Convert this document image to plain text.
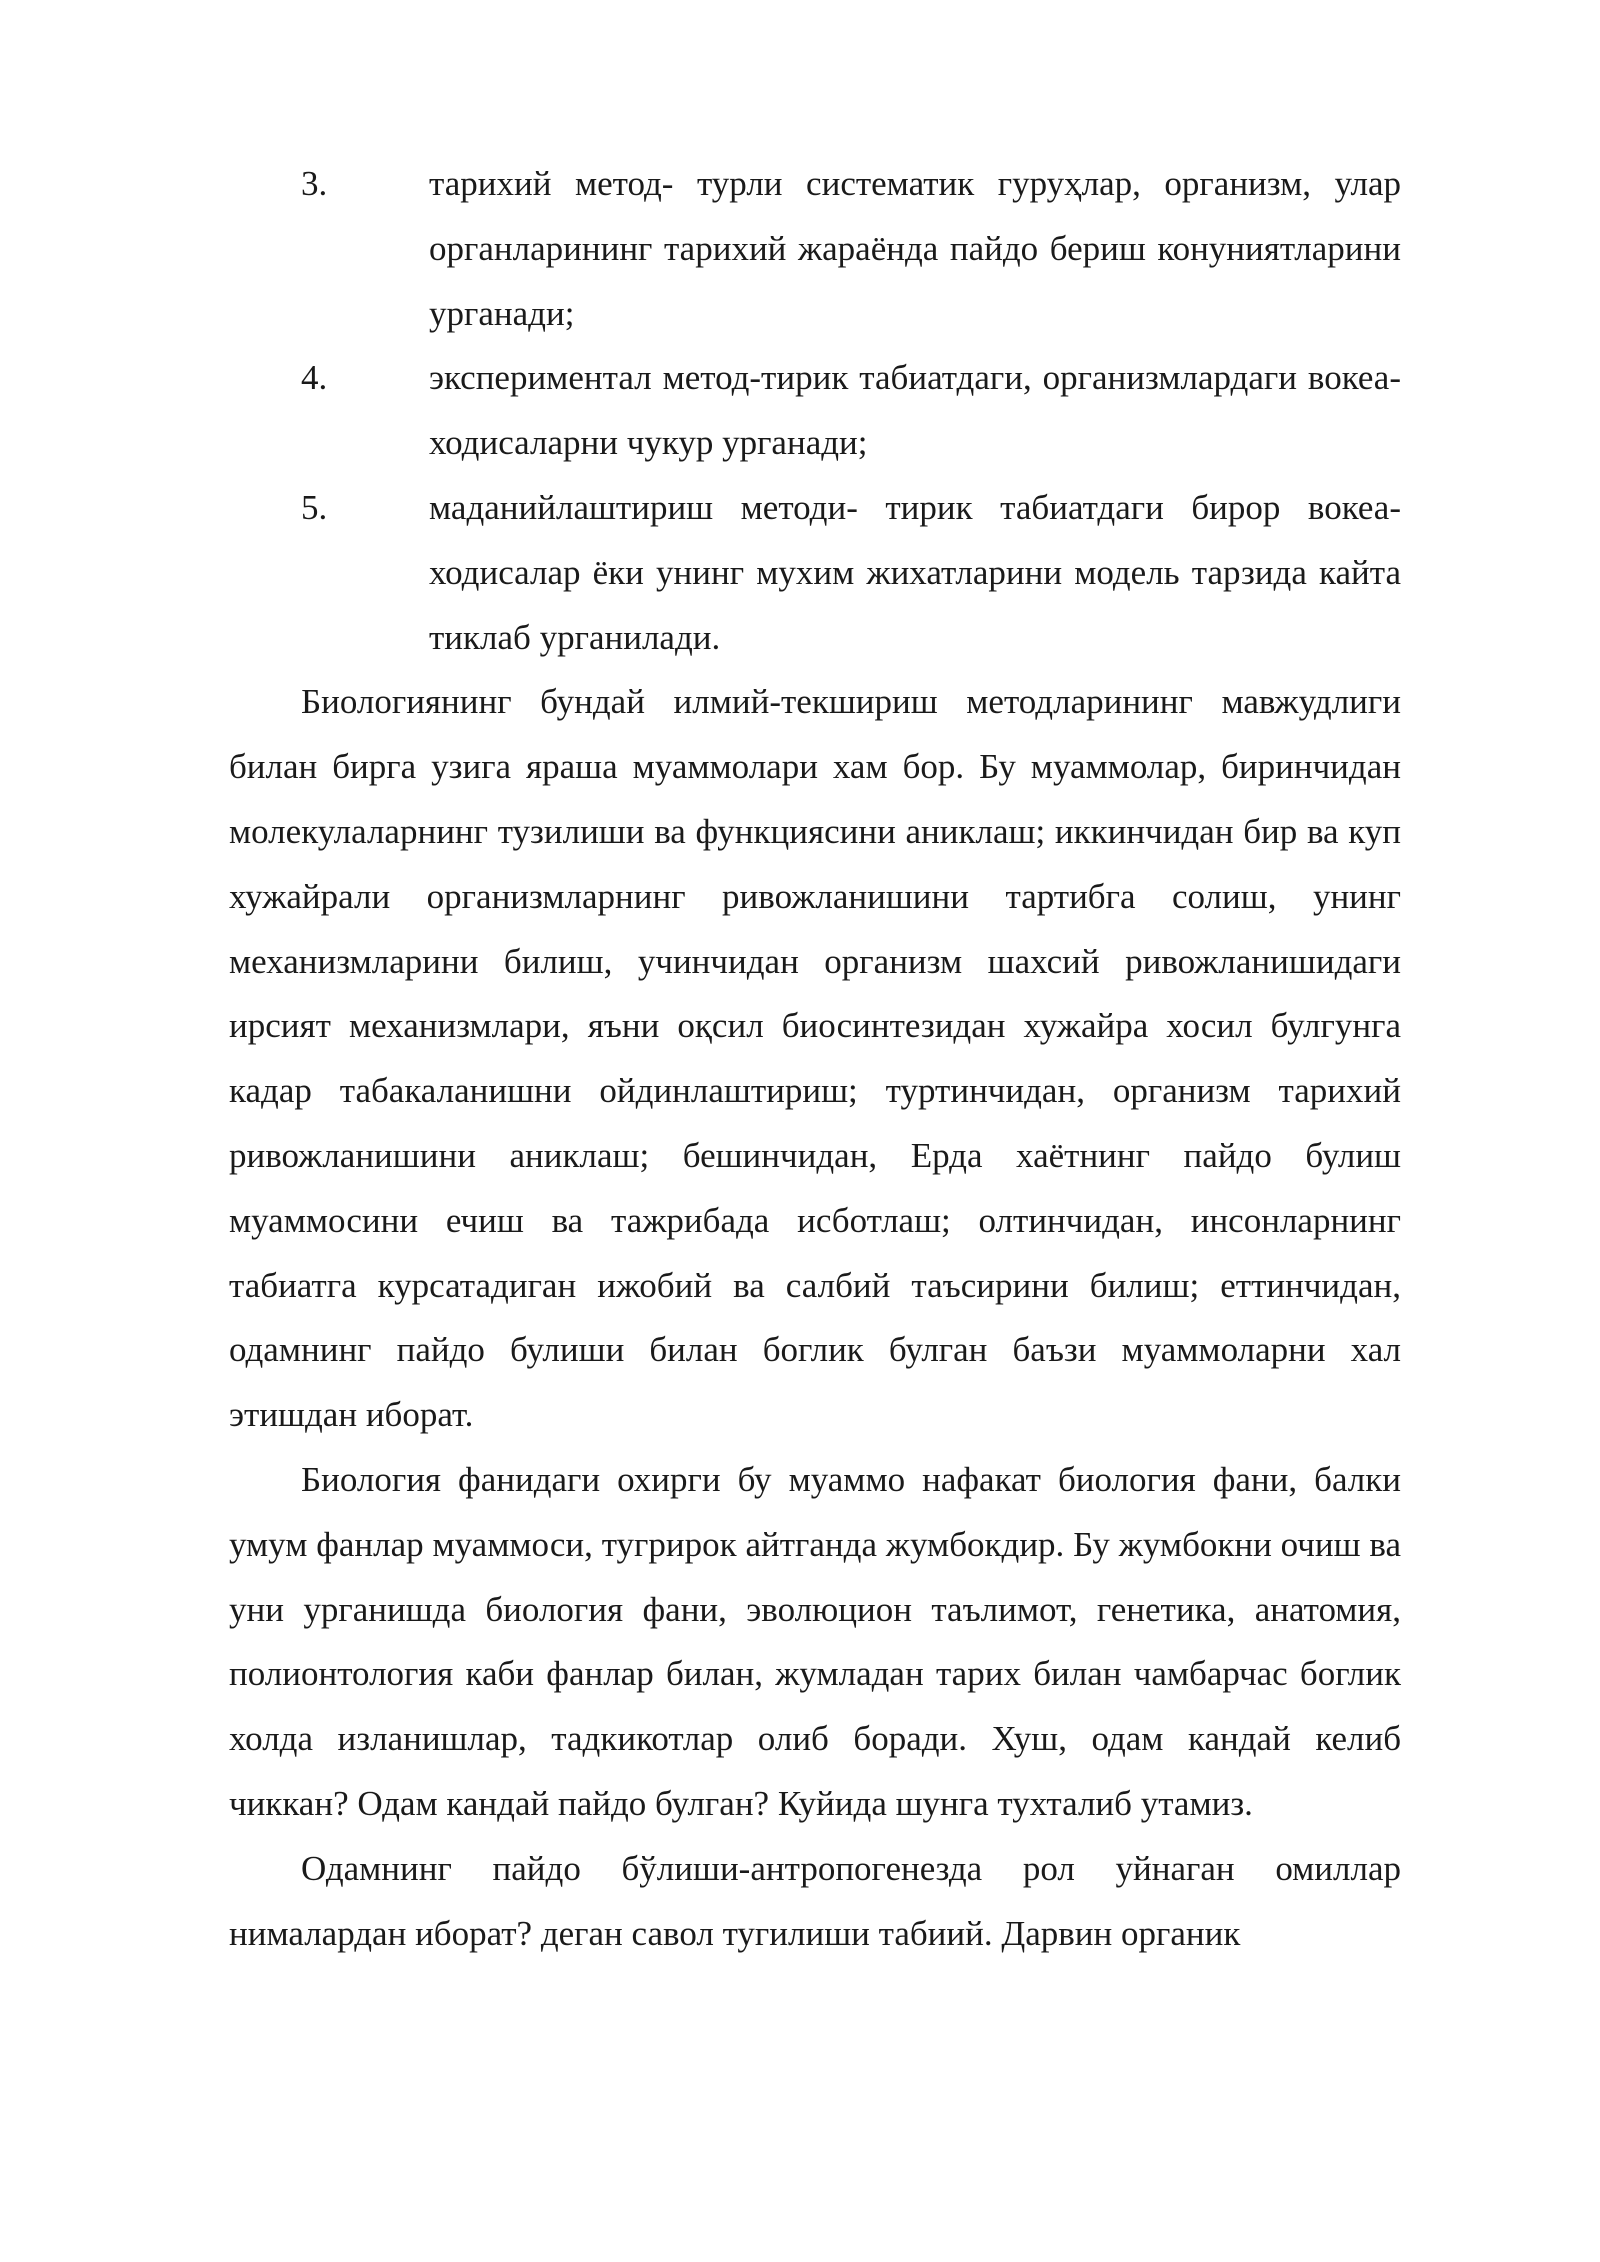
3.	тарихий метод- турли систематик гуруҳлар, организм, улар органларининг тарихий жараёнда пайдо бериш конуниятларини урганади;
4.	экспериментал метод-тирик табиатдаги, организмлардаги вокеа-ходисаларни чукур урганади;
5.	маданийлаштириш методи- тирик табиатдаги бирор вокеа-ходисалар ёки унинг мухим жихатларини модель тарзида кайта тиклаб урганилади.

Биологиянинг бундай илмий-текшириш методларининг мавжудлиги билан бирга узига яраша муаммолари хам бор. Бу муаммолар, биринчидан молекулаларнинг тузилиши ва функциясини аниклаш; иккинчидан бир ва куп хужайрали организмларнинг ривожланишини тартибга солиш, унинг механизмларини билиш, учинчидан организм шахсий ривожланишидаги ирсият механизмлари, яъни оқсил биосинтезидан хужайра хосил булгунга кадар табакаланишни ойдинлаштириш; туртинчидан, организм тарихий ривожланишини аниклаш; бешинчидан, Ерда хаётнинг пайдо булиш муаммосини ечиш ва тажрибада исботлаш; олтинчидан, инсонларнинг табиатга курсатадиган ижобий ва салбий таъсирини билиш; еттинчидан, одамнинг пайдо булиши билан боглик булган баъзи муаммоларни хал этишдан иборат.

Биология фанидаги охирги бу муаммо нафакат биология фани, балки умум фанлар муаммоси, тугрирок айтганда жумбокдир. Бу жумбокни очиш ва уни урганишда биология фани, эволюцион таълимот, генетика, анатомия, полионтология каби фанлар билан, жумладан тарих билан чамбарчас боглик холда изланишлар, тадкикотлар олиб боради. Хуш, одам кандай келиб чиккан? Одам кандай пайдо булган? Куйида шунга тухталиб утамиз.

Одамнинг пайдо бўлиши-антропогенезда рол уйнаган омиллар нималардан иборат? деган савол тугилиши табиий. Дарвин органик
